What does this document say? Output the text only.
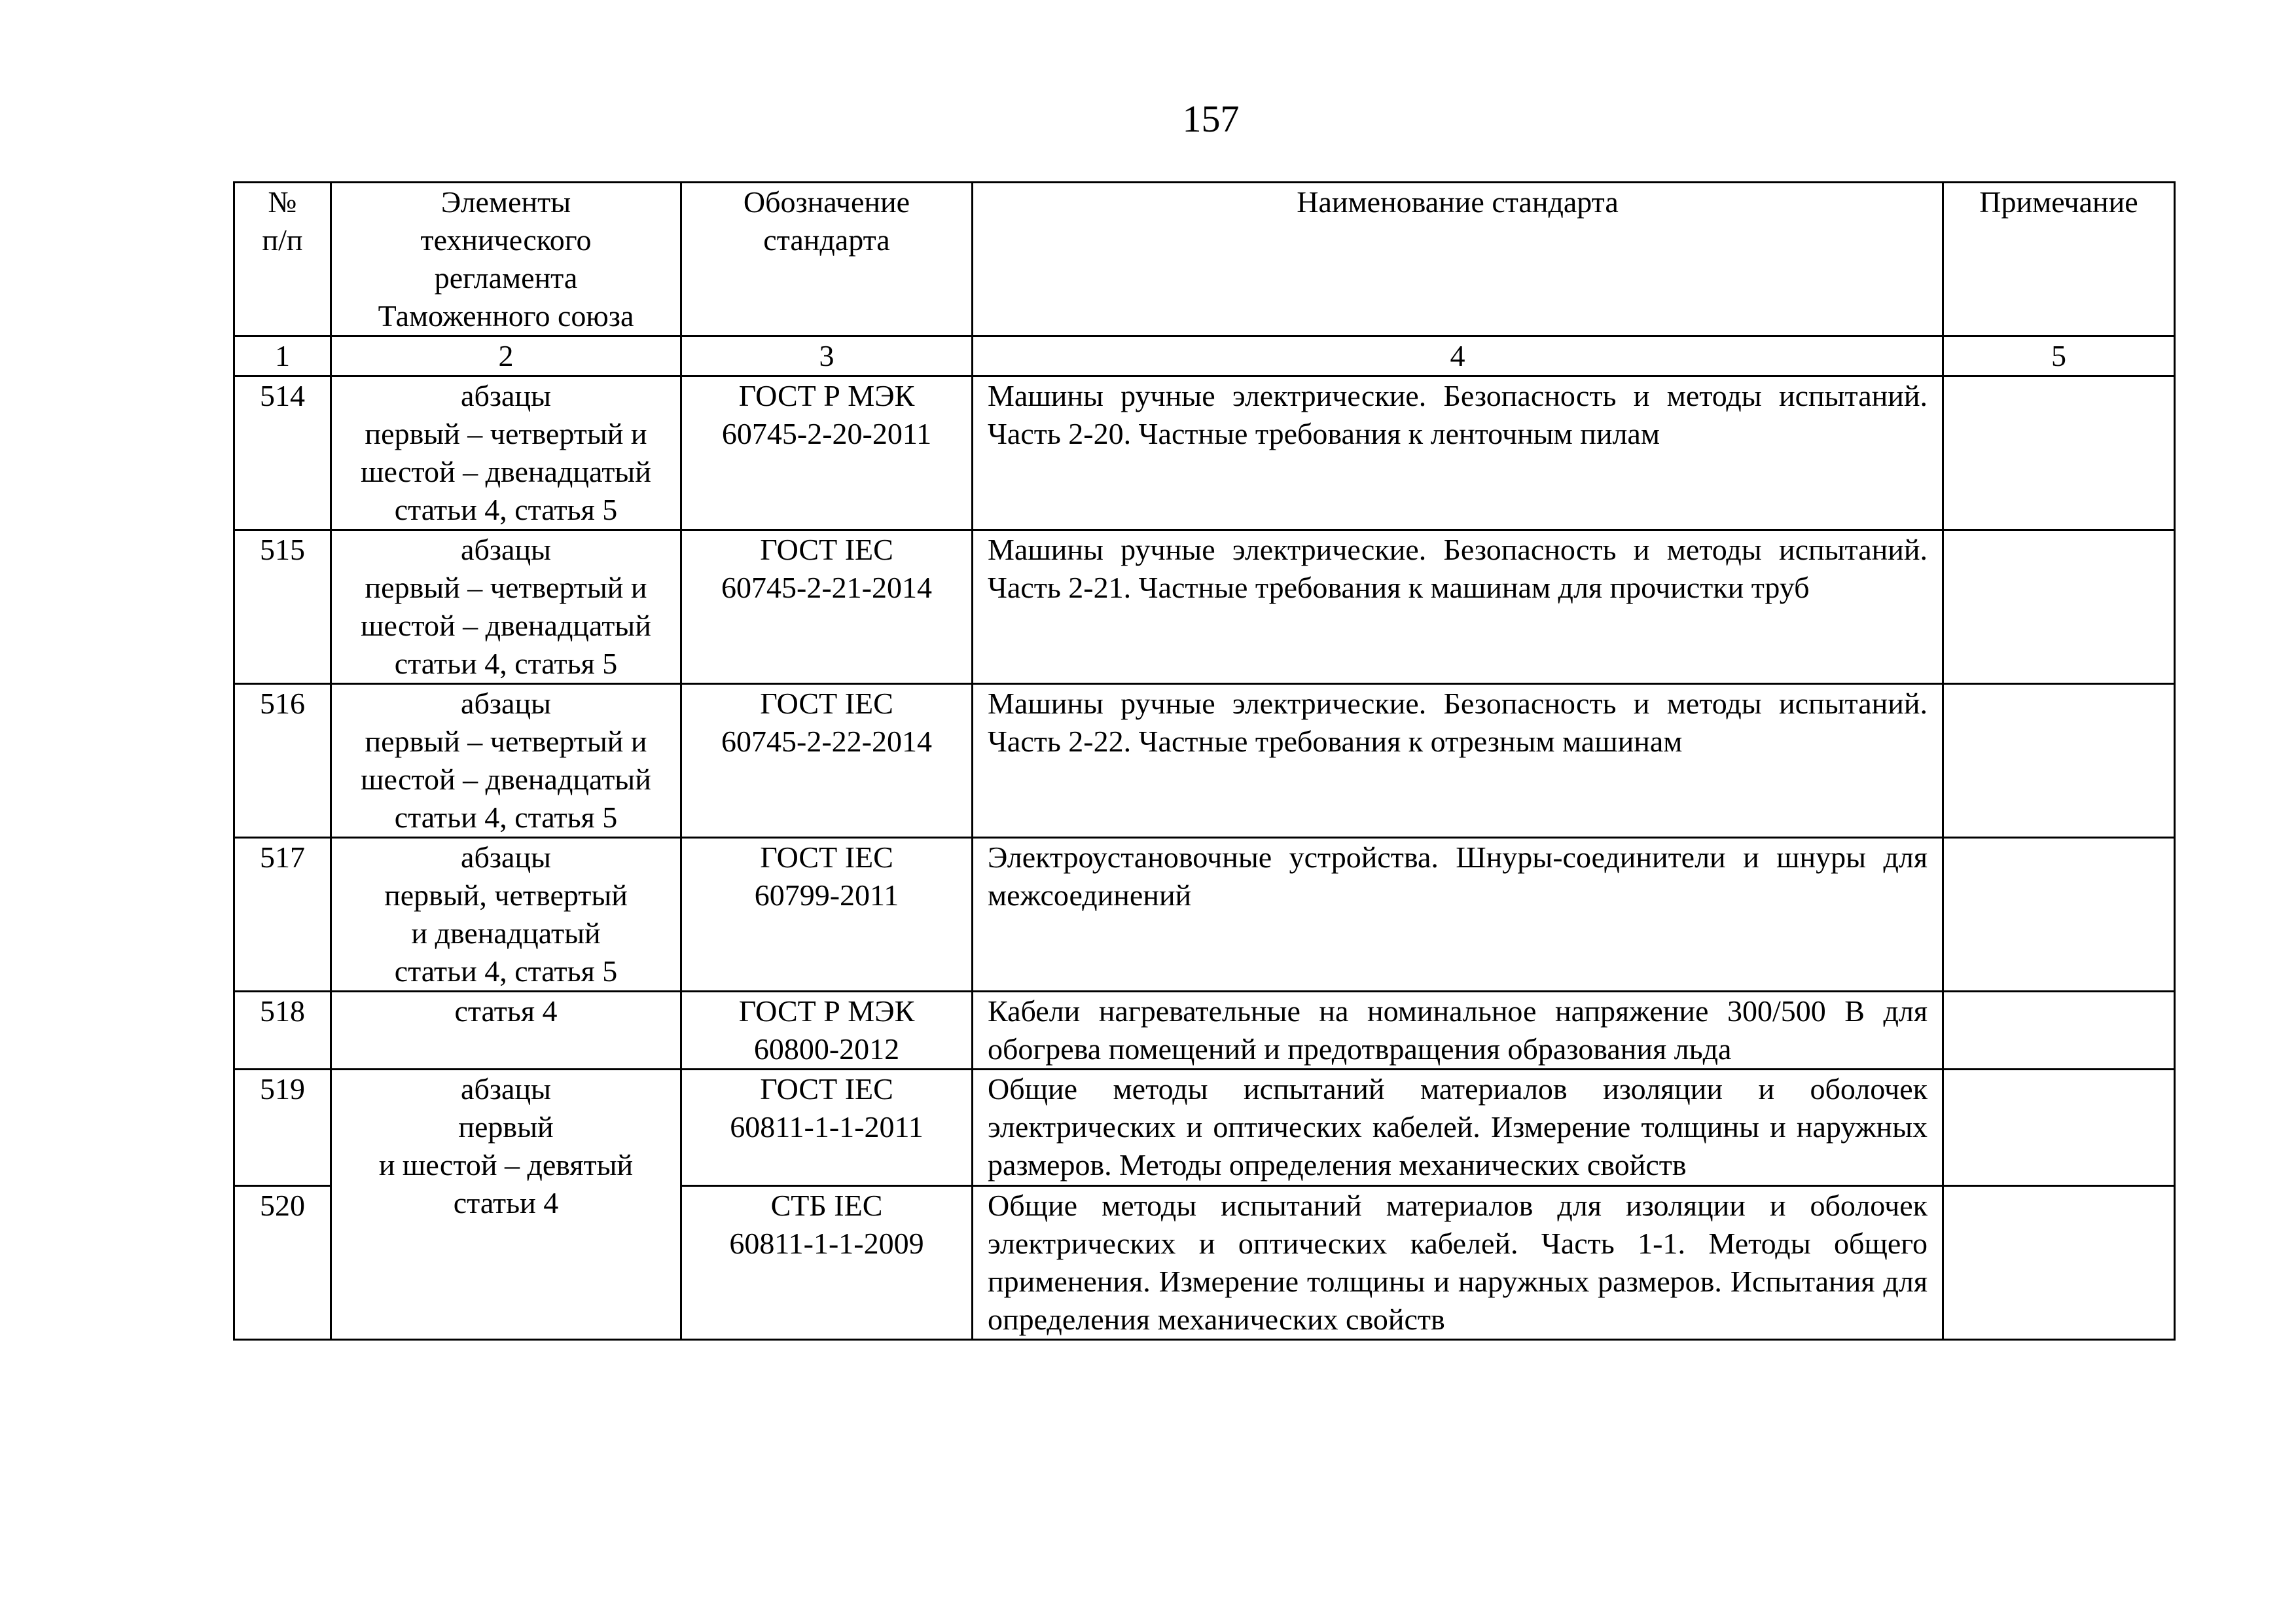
157
№
п/п	Элементы
технического
регламента
Таможенного союза	Обозначение
стандарта	Наименование стандарта	Примечание

1	2	3	4	5
514	абзацы
первый – четвертый и
шестой – двенадцатый
статьи 4, статья 5	ГОСТ Р МЭК
60745-2-20-2011	Машины ручные электрические. Безопасность и методы испытаний. Часть 2-20. Частные требования к ленточным пилам	
515	абзацы
первый – четвертый и
шестой – двенадцатый
статьи 4, статья 5	ГОСТ IEC
60745-2-21-2014	Машины ручные электрические. Безопасность и методы испытаний. Часть 2-21. Частные требования к машинам для прочистки труб	
516	абзацы
первый – четвертый и
шестой – двенадцатый
статьи 4, статья 5	ГОСТ IEC
60745-2-22-2014	Машины ручные электрические. Безопасность и методы испытаний. Часть 2-22. Частные требования к отрезным машинам	
517	абзацы
первый, четвертый
и двенадцатый
статьи 4, статья 5	ГОСТ IEC
60799-2011	Электроустановочные устройства. Шнуры-соединители и шнуры для межсоединений	
518	статья 4	ГОСТ Р МЭК
60800-2012	Кабели нагревательные на номинальное напряжение 300/500 В для обогрева помещений и предотвращения образования льда	
519	абзацы
первый
и шестой – девятый
статьи 4	ГОСТ IEC
60811-1-1-2011	Общие методы испытаний материалов изоляции и оболочек электрических и оптических кабелей. Измерение толщины и наружных размеров. Методы определения механических свойств	
520		СТБ IEC
60811-1-1-2009	Общие методы испытаний материалов для изоляции и оболочек электрических и оптических кабелей. Часть 1-1. Методы общего применения. Измерение толщины и наружных размеров. Испытания для определения механических свойств	
